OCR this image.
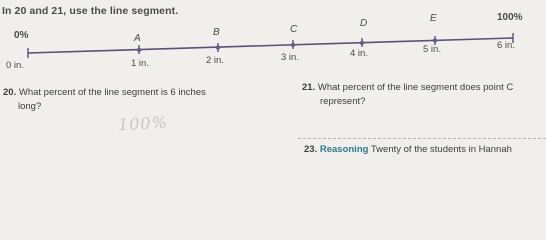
In 20 and 21, use the line segment.
0%
100%
A
B	C
D	E
0 in.	1 in.	2 in.	3 in.	4 in.	5 in.	6 in.
20. What percent of the line segment is 6 inches
long?
100%
21. What percent of the line segment does point C
represent?
23. Reasoning Twenty of the students in Hannah
